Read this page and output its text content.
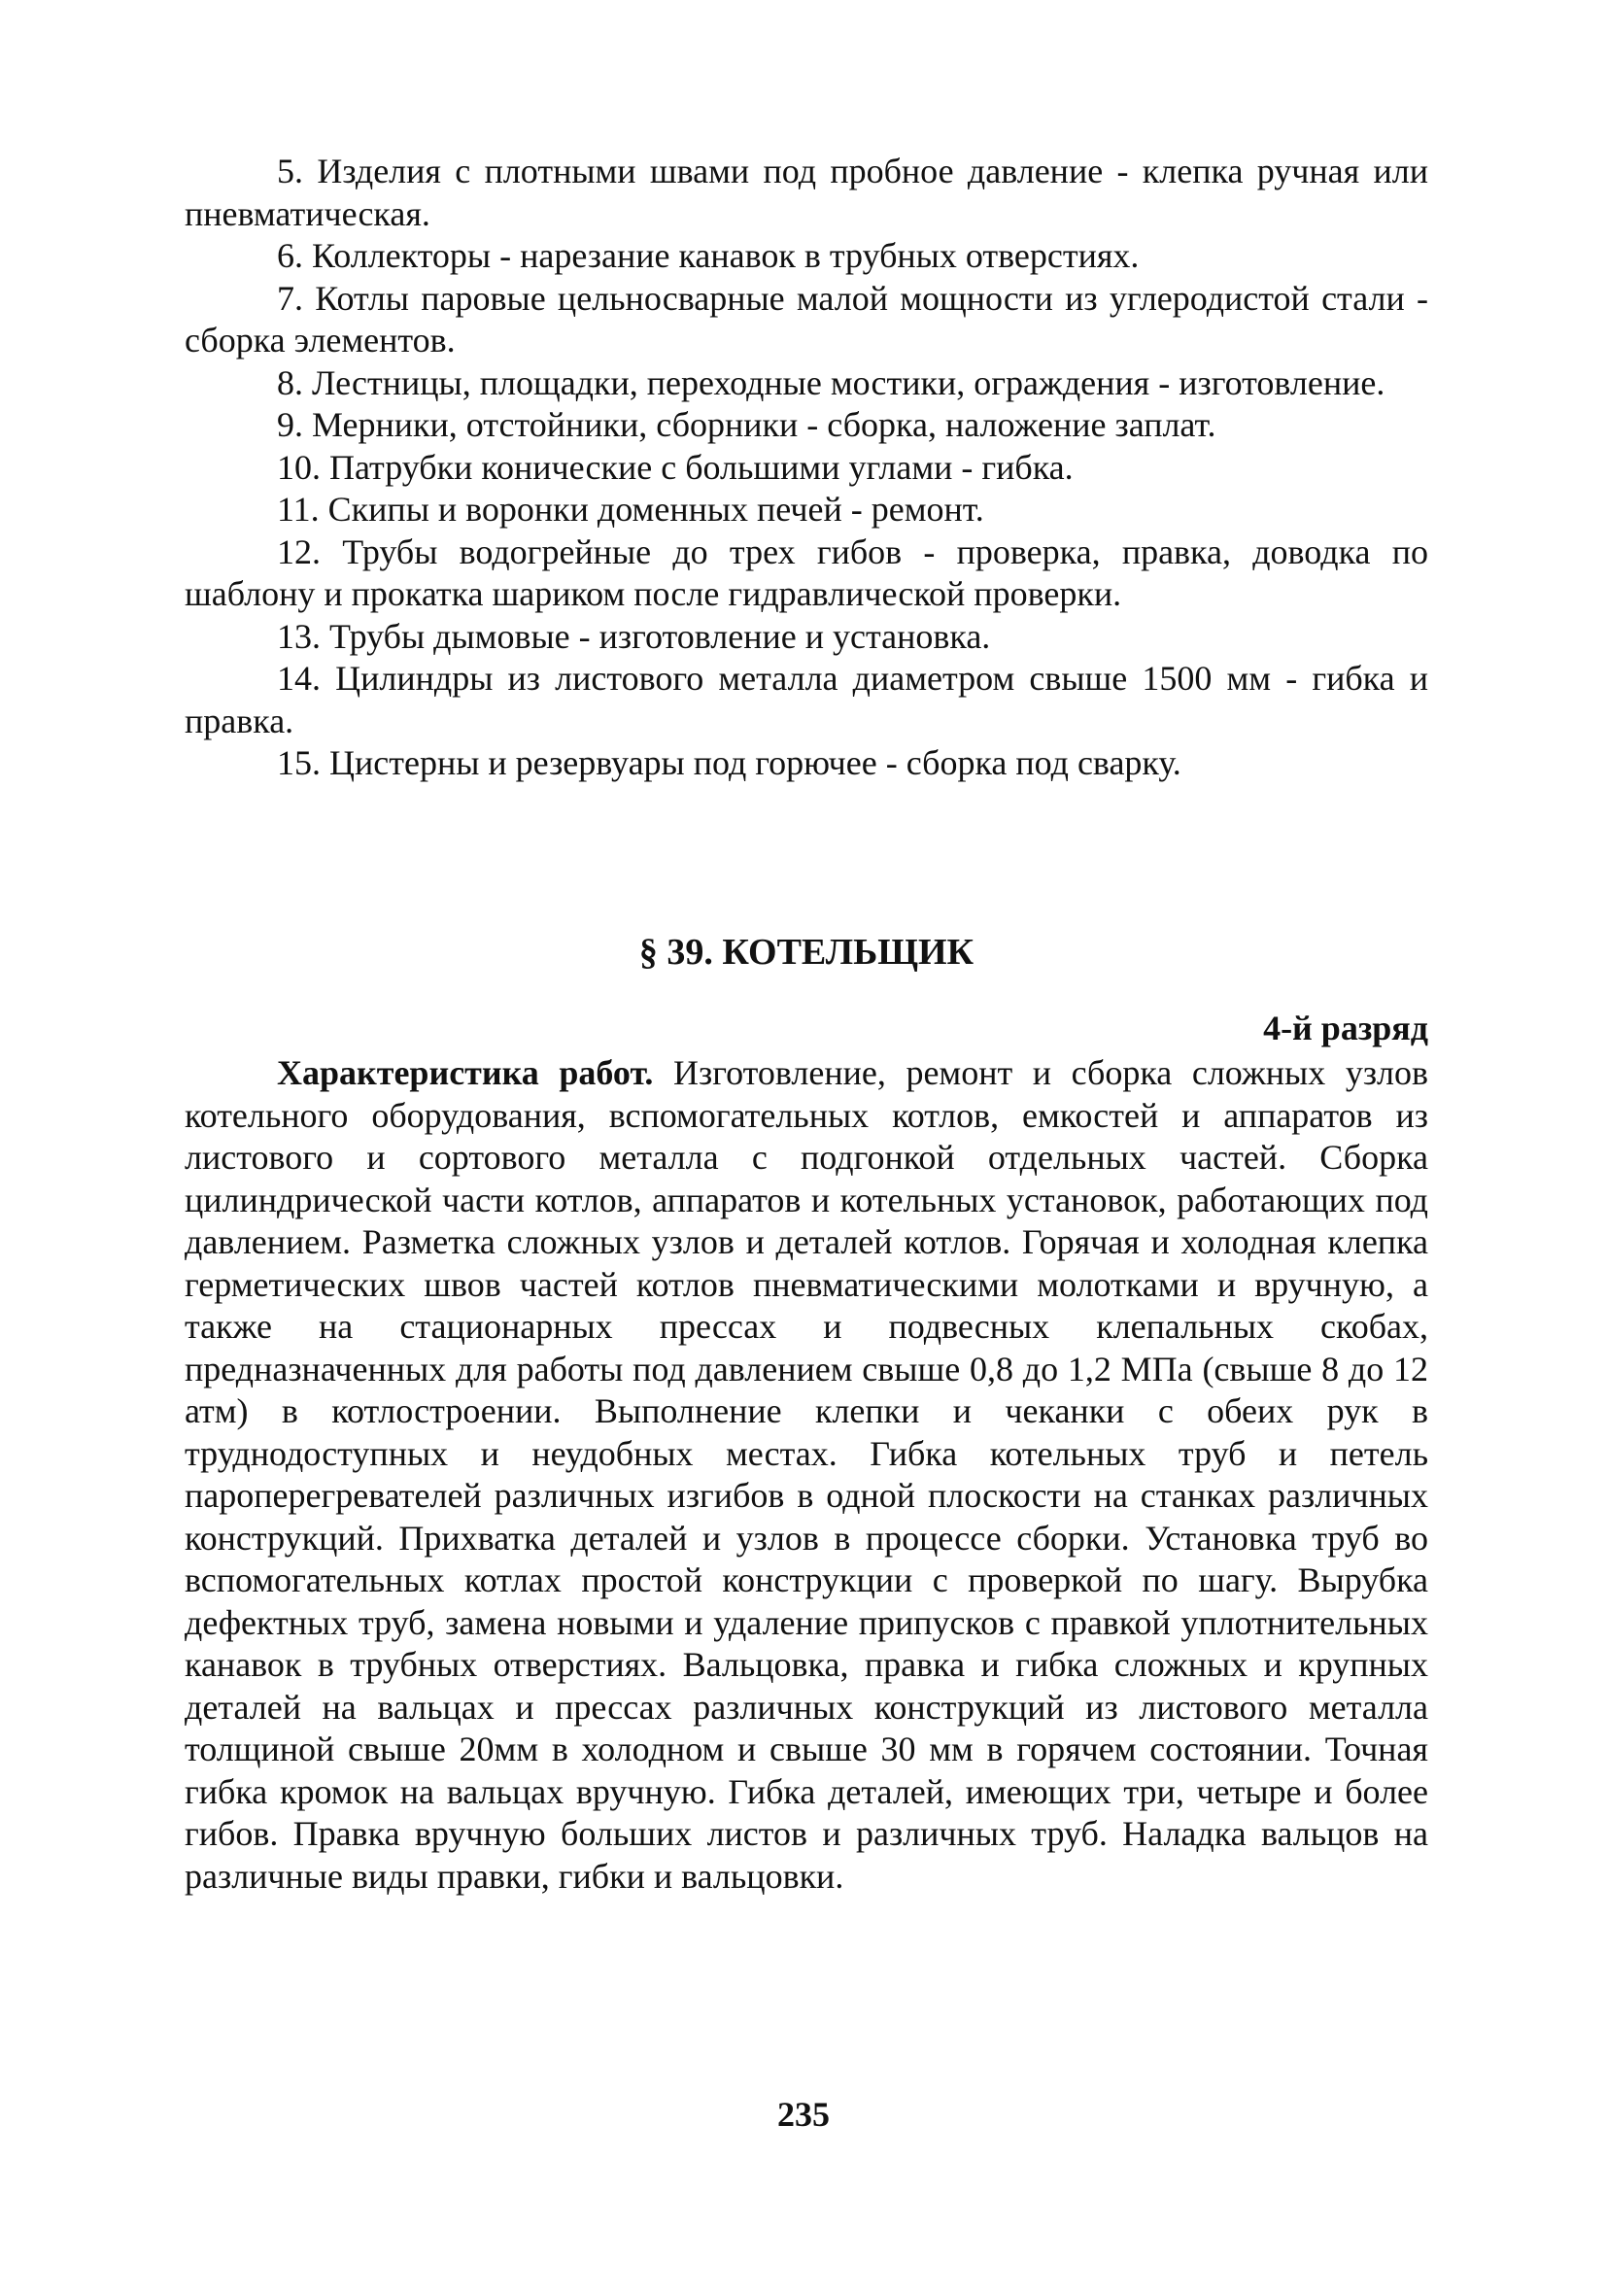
5. Изделия с плотными швами под пробное давление - клепка ручная или пневматическая.

6. Коллекторы - нарезание канавок в трубных отверстиях.

7. Котлы паровые цельносварные малой мощности из углеродистой стали - сборка элементов.

8. Лестницы, площадки, переходные мостики, ограждения - изготовление.

9. Мерники, отстойники, сборники - сборка, наложение заплат.

10. Патрубки конические с большими углами - гибка.

11. Скипы и воронки доменных печей - ремонт.

12. Трубы водогрейные до трех гибов - проверка, правка, доводка по шаблону и прокатка шариком после гидравлической проверки.

13. Трубы дымовые - изготовление и установка.

14. Цилиндры из листового металла диаметром свыше 1500 мм - гибка и правка.

15. Цистерны и резервуары под горючее - сборка под сварку.

§ 39. КОТЕЛЬЩИК

4-й разряд

Характеристика работ. Изготовление, ремонт и сборка сложных узлов котельного оборудования, вспомогательных котлов, емкостей и аппаратов из листового и сортового металла с подгонкой отдельных частей. Сборка цилиндрической части котлов, аппаратов и котельных установок, работающих под давлением. Разметка сложных узлов и деталей котлов. Горячая и холодная клепка герметических швов частей котлов пневматическими молотками и вручную, а также на стационарных прессах и подвесных клепальных скобах, предназначенных для работы под давлением свыше 0,8 до 1,2 МПа (свыше 8 до 12 атм) в котлостроении. Выполнение клепки и чеканки с обеих рук в труднодоступных и неудобных местах. Гибка котельных труб и петель пароперегревателей различных изгибов в одной плоскости на станках различных конструкций. Прихватка деталей и узлов в процессе сборки. Установка труб во вспомогательных котлах простой конструкции с проверкой по шагу. Вырубка дефектных труб, замена новыми и удаление припусков с правкой уплотнительных канавок в трубных отверстиях. Вальцовка, правка и гибка сложных и крупных деталей на вальцах и прессах различных конструкций из листового металла толщиной свыше 20мм в холодном и свыше 30 мм в горячем состоянии. Точная гибка кромок на вальцах вручную. Гибка деталей, имеющих три, четыре и более гибов. Правка вручную больших листов и различных труб. Наладка вальцов на различные виды правки, гибки и вальцовки.

235
